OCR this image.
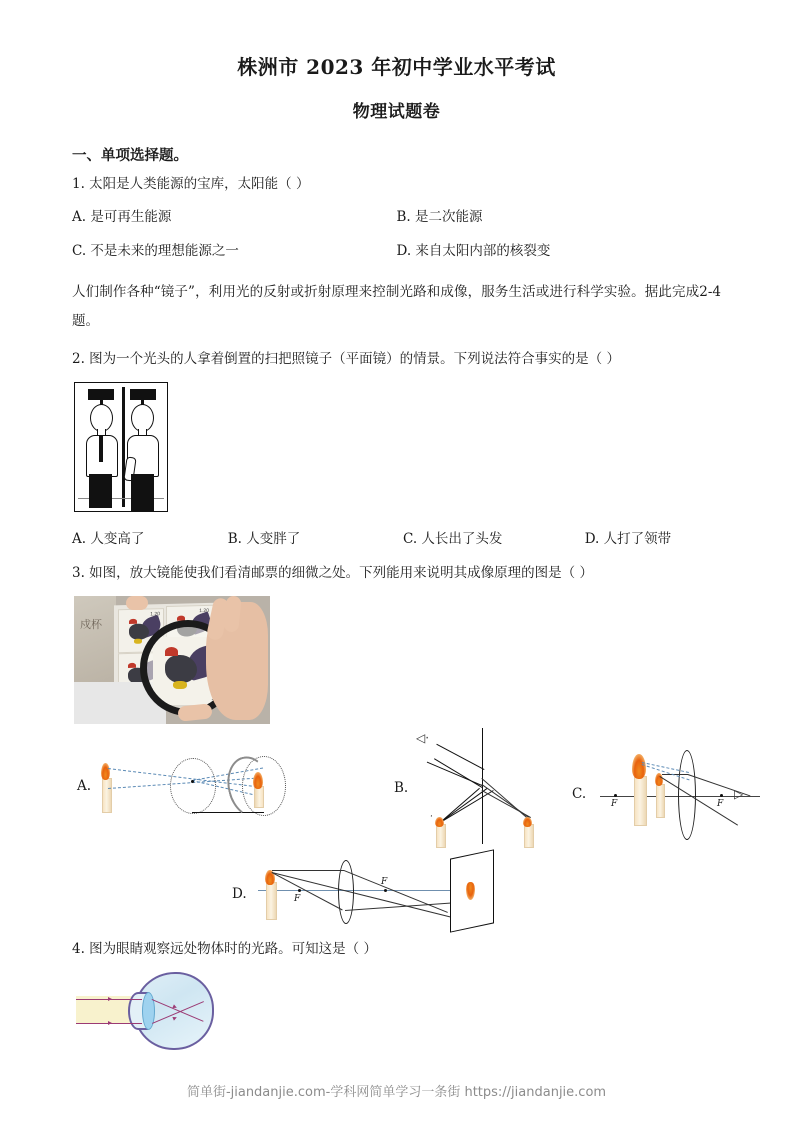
株洲市 2023 年初中学业水平考试
物理试题卷
一、单项选择题。
1. 太阳是人类能源的宝库，太阳能（ ）
A. 是可再生能源	B. 是二次能源
C. 不是未来的理想能源之一	D. 来自太阳内部的核裂变
人们制作各种“镜子”，利用光的反射或折射原理来控制光路和成像，服务生活或进行科学实验。据此完成2-4 题。
2. 图为一个光头的人拿着倒置的扫把照镜子（平面镜）的情景。下列说法符合事实的是（ ）
A. 人变高了	B. 人变胖了	C. 人长出了头发	D. 人打了领带
3. 如图，放大镜能使我们看清邮票的细微之处。下列能用来说明其成像原理的图是（ ）
戍杯
1.20
1.20
A.	B.
◁‧
·
C.
F	F
▷
D.	F
F
4. 图为眼睛观察远处物体时的光路。可知这是（ ）
简单街-jiandanjie.com-学科网简单学习一条街 https://jiandanjie.com
